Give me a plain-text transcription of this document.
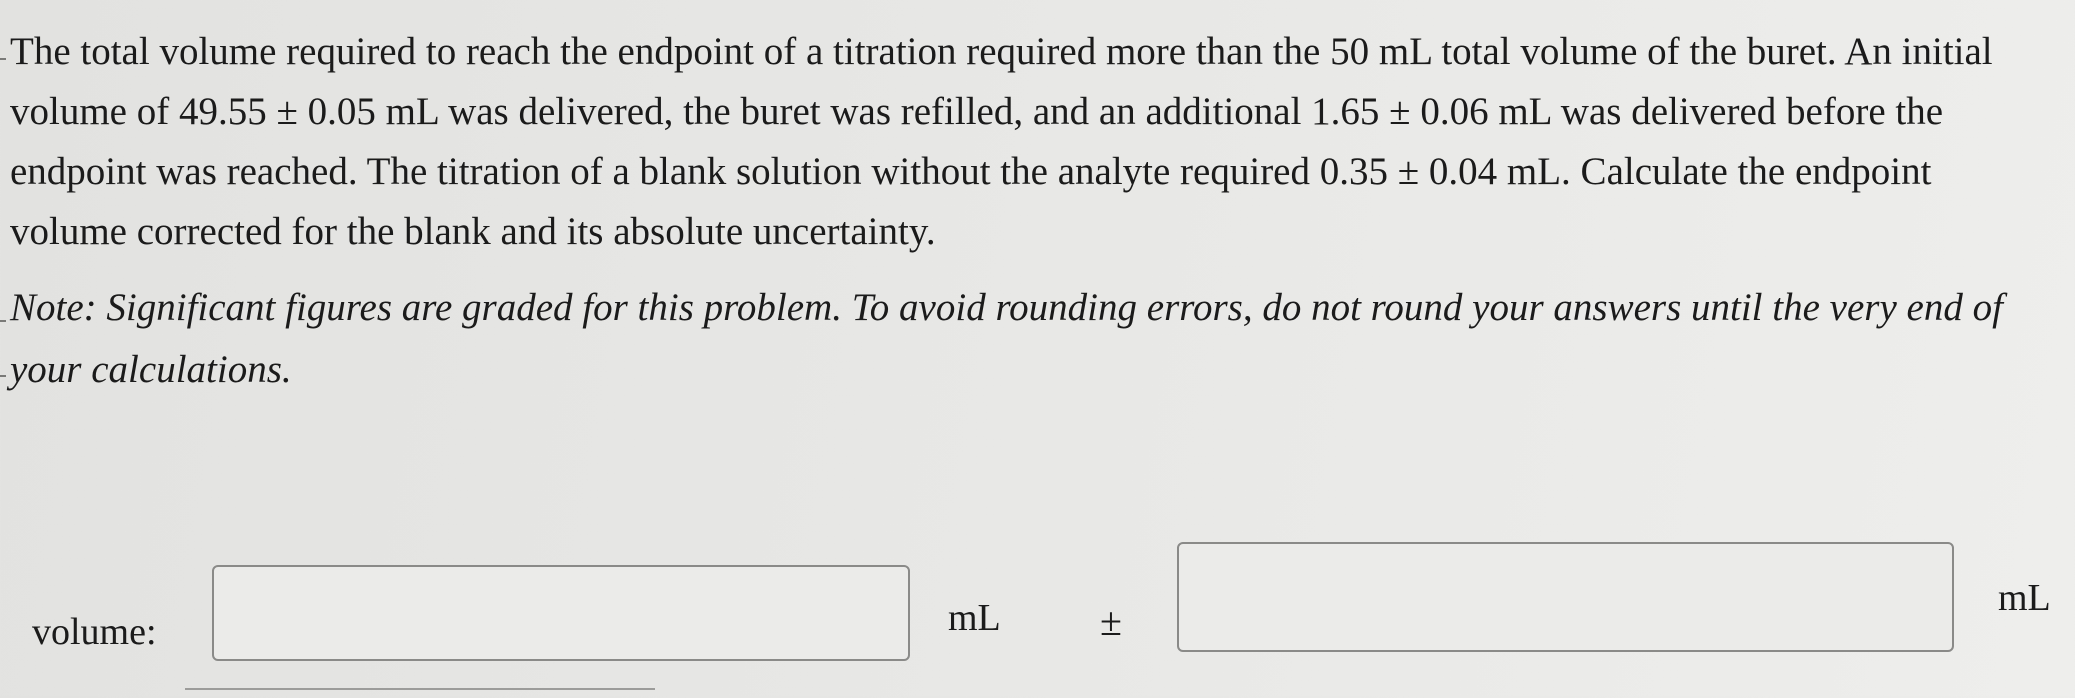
The total volume required to reach the endpoint of a titration required more than the 50 mL total volume of the buret. An initial volume of 49.55 ± 0.05 mL was delivered, the buret was refilled, and an additional 1.65 ± 0.06 mL was delivered before the endpoint was reached. The titration of a blank solution without the analyte required 0.35 ± 0.04 mL. Calculate the endpoint volume corrected for the blank and its absolute uncertainty.

Note: Significant figures are graded for this problem. To avoid rounding errors, do not round your answers until the very end of your calculations.

volume:	mL ±
mL
